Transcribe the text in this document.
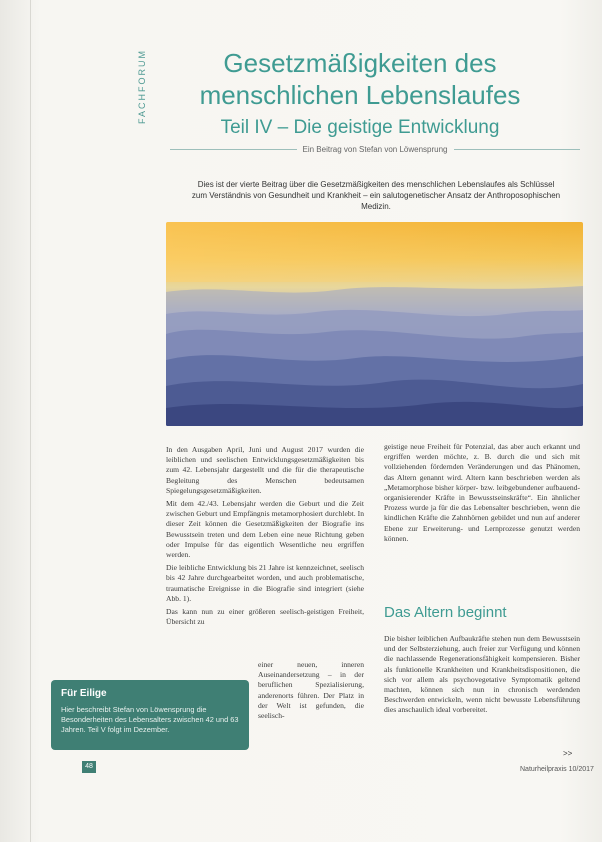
FACHFORUM	Gesetzmäßigkeiten des
menschlichen Lebenslaufes
Teil IV – Die geistige Entwicklung
Ein Beitrag von Stefan von Löwensprung
Dies ist der vierte Beitrag über die Gesetzmäßigkeiten des menschlichen Lebenslaufes als Schlüssel zum Verständnis von Gesundheit und Krankheit – ein salutogenetischer Ansatz der Anthroposophischen Medizin.

In den Ausgaben April, Juni und August 2017 wurden die leiblichen und seelischen Entwicklungsgesetzmäßigkeiten bis zum 42. Lebensjahr dargestellt und die für die therapeutische Begleitung des Menschen bedeutsamen Spiegelungsgesetzmäßigkeiten.

Mit dem 42./43. Lebensjahr werden die Geburt und die Zeit zwischen Geburt und Empfängnis metamorphosiert durchlebt. In dieser Zeit können die Gesetzmäßigkeiten der Biografie ins Bewusstsein treten und dem Leben eine neue Richtung geben oder Impulse für das eigentlich Wesentliche neu ergriffen werden.

Die leibliche Entwicklung bis 21 Jahre ist kennzeichnet, seelisch bis 42 Jahre durchgearbeitet worden, und auch problematische, traumatische Ereignisse in die Biografie sind integriert (siehe Abb. 1).

Das kann nun zu einer größeren seelisch-geistigen Freiheit, Übersicht zu

einer neuen, inneren Auseinandersetzung – in der beruflichen Spezialisierung, anderenorts führen. Der Platz in der Welt ist gefunden, die seelisch-

geistige neue Freiheit für Potenzial, das aber auch erkannt und ergriffen werden möchte, z. B. durch die und sich mit vollziehenden fördernden Veränderungen und das Phänomen, das Altern genannt wird. Altern kann beschrieben werden als „Metamorphose bisher körper- bzw. leibgebundener aufbauend-organisierender Kräfte in Bewusstseinskräfte“. Ein ähnlicher Prozess wurde ja für die das Lebensalter beschrieben, wenn die kindlichen Kräfte die Zahnhörnen gebildet und nun auf anderer Ebene zur Erweiterung- und Lernprozesse genutzt werden können.

Das Altern beginnt

Die bisher leiblichen Aufbaukräfte stehen nun dem Bewusstsein und der Selbsterziehung, auch freier zur Verfügung und können die nachlassende Regenerationsfähigkeit kompensieren. Bisher als funktionelle Krankheiten und Krankheitsdispositionen, die sich vor allem als psychovegetative Symptomatik geltend machten, können sich nun in chronisch werdenden Beschwerden entwickeln, wenn nicht bewusste Lebensführung dies anschaulich ideal vorbereitet.

>>
Für Eilige
Hier beschreibt Stefan von Löwensprung die Besonderheiten des Lebensalters zwischen 42 und 63 Jahren. Teil V folgt im Dezember.
48	Naturheilpraxis 10/2017
